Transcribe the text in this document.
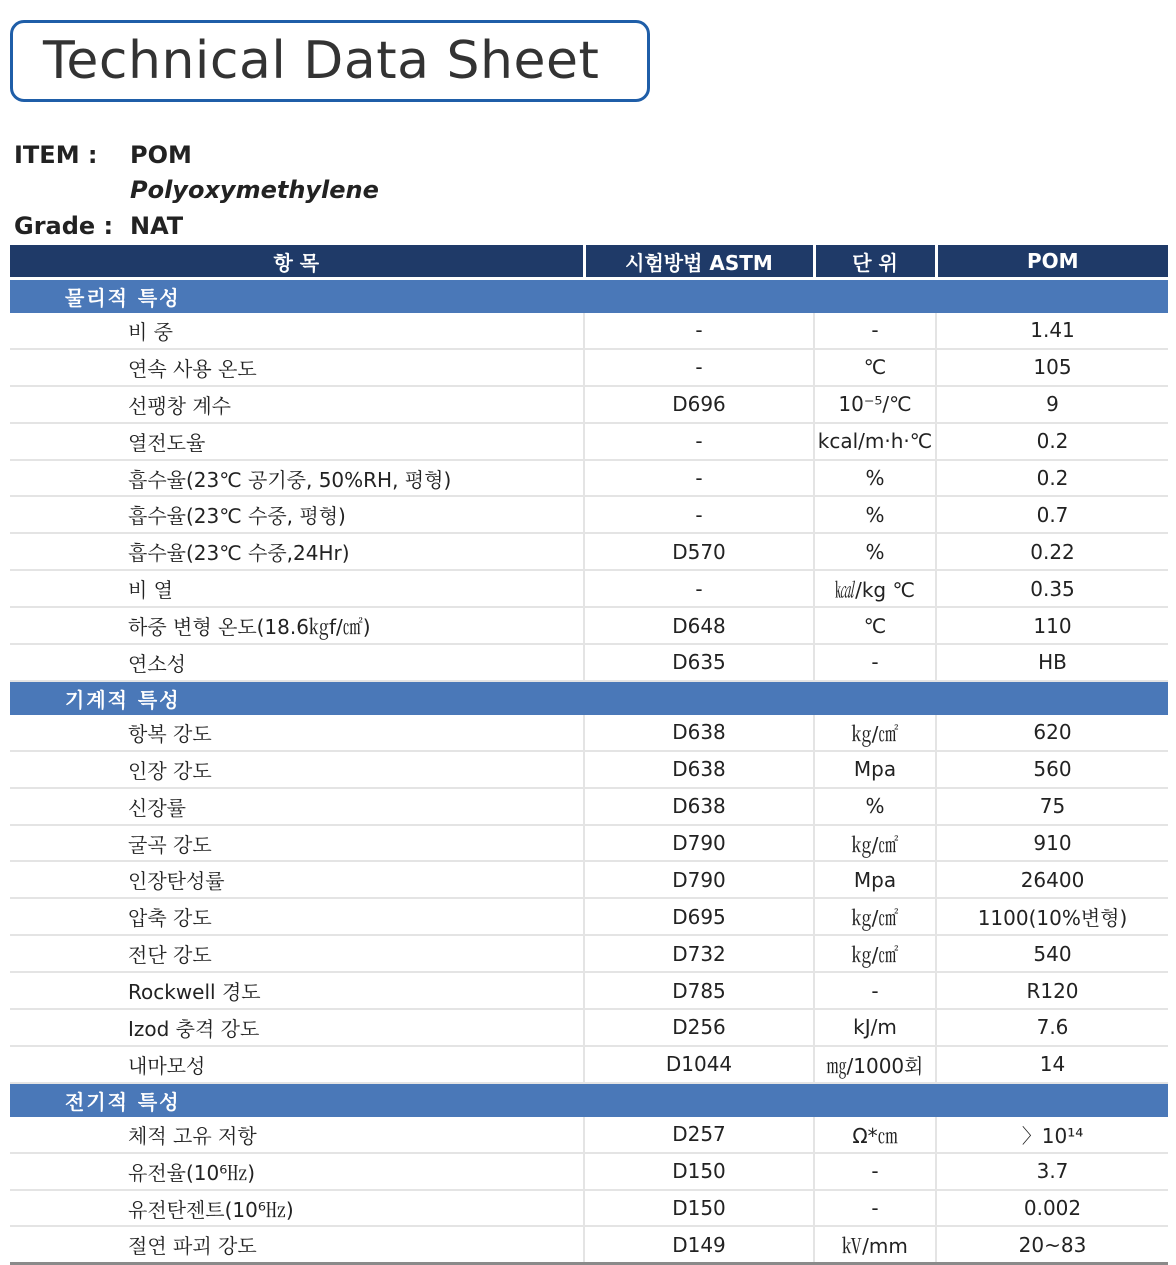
Technical Data Sheet
ITEM : POM
Polyoxymethylene
Grade : NAT
항 목	시험방법 ASTM	단 위	POM
물리적 특성			
비 중	-	-	1.41
연속 사용 온도	-	℃	105
선팽창 계수	D696	10⁻⁵/℃	9
열전도율	-	kcal/m·h·℃	0.2
흡수율(23℃ 공기중, 50%RH, 평형)	-	%	0.2
흡수율(23℃ 수중, 평형)	-	%	0.7
흡수율(23℃ 수중,24Hr)	D570	%	0.22
비 열	-	㎉/kg ℃	0.35
하중 변형 온도(18.6㎏f/㎠)	D648	℃	110
연소성	D635	-	HB
기계적 특성			
항복 강도	D638	㎏/㎠	620
인장 강도	D638	Mpa	560
신장률	D638	%	75
굴곡 강도	D790	㎏/㎠	910
인장탄성률	D790	Mpa	26400
압축 강도	D695	㎏/㎠	1100(10%변형)
전단 강도	D732	㎏/㎠	540
Rockwell 경도	D785	-	R120
Izod 충격 강도	D256	kJ/m	7.6
내마모성	D1044	㎎/1000회	14
전기적 특성			
체적 고유 저항	D257	Ω*㎝	〉10¹⁴
유전율(10⁶㎐)	D150	-	3.7
유전탄젠트(10⁶㎐)	D150	-	0.002
절연 파괴 강도	D149	㎸/mm	20~83
